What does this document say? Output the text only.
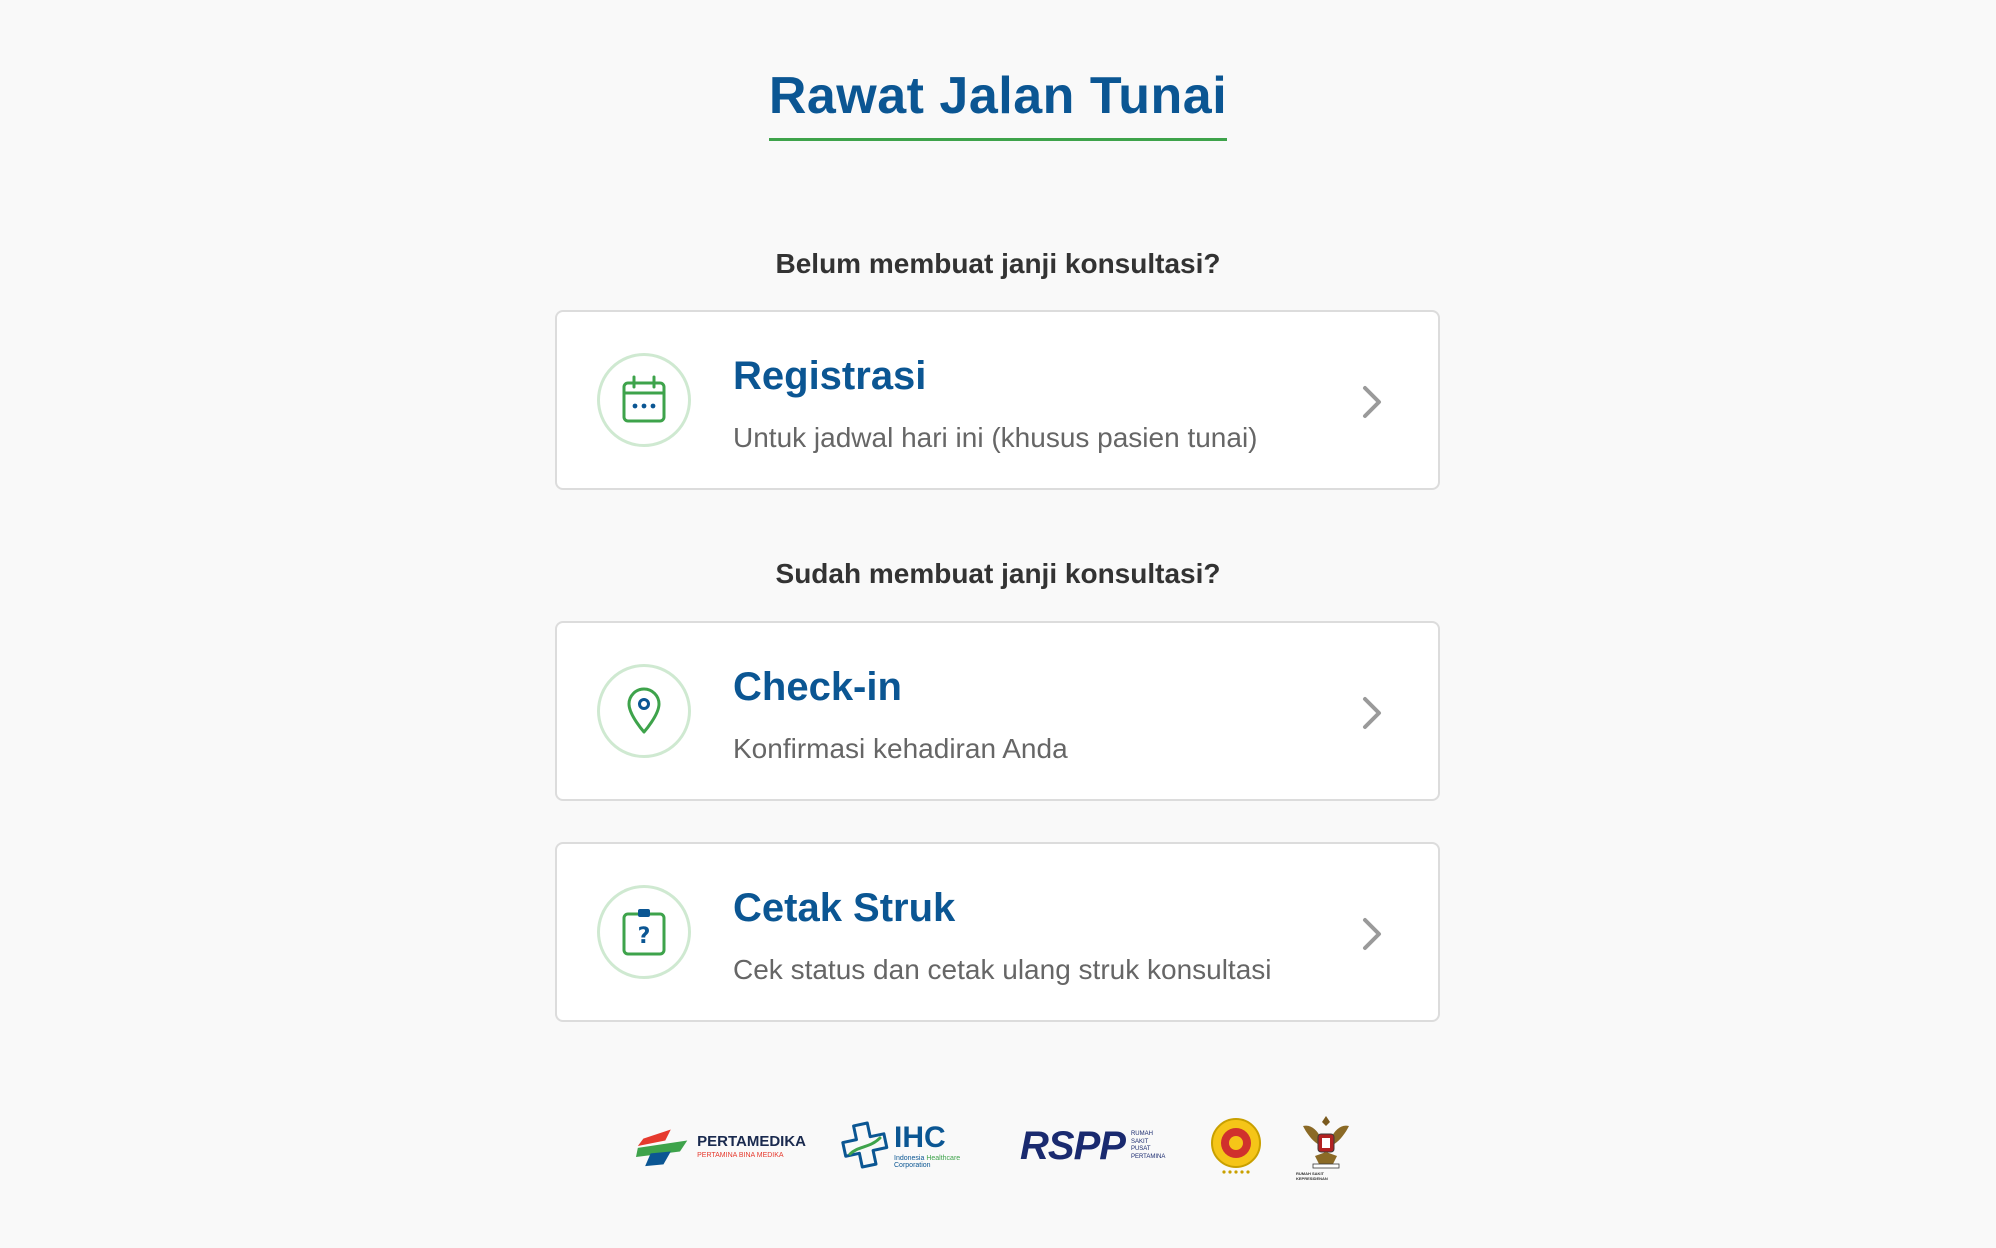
Rawat Jalan Tunai
Belum membuat janji konsultasi?
Registrasi
Untuk jadwal hari ini (khusus pasien tunai)
Sudah membuat janji konsultasi?
Check-in
Konfirmasi kehadiran Anda
?
Cetak Struk
Cek status dan cetak ulang struk konsultasi
PERTAMEDIKA
PERTAMINA BINA MEDIKA
IHC
Indonesia Healthcare
Corporation	RSPP RUMAH
SAKIT
PUSAT
PERTAMINA
RUMAH SAKIT KEPRESIDENAN
